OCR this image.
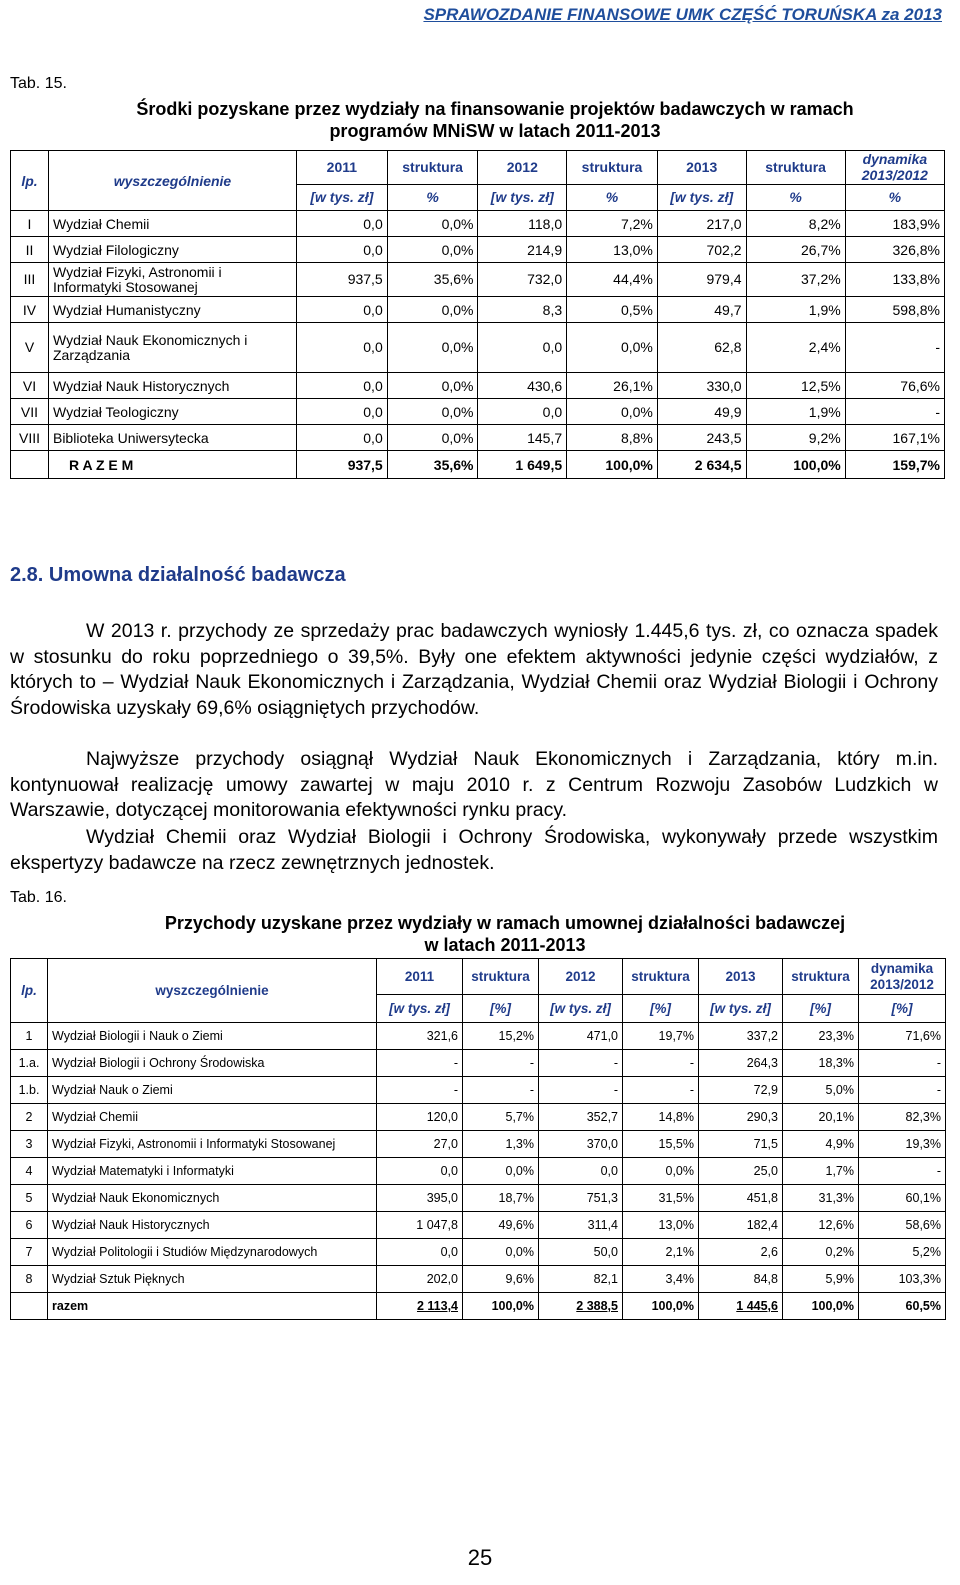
SPRAWOZDANIE FINANSOWE UMK CZĘŚĆ TORUŃSKA za 2013
Tab. 15.
Środki pozyskane przez wydziały na finansowanie projektów badawczych w ramach
programów MNiSW w latach 2011-2013
lp.	wyszczególnienie	2011	struktura	2012	struktura	2013	struktura	dynamika
2013/2012

		[w tys. zł]	%	[w tys. zł]	%	[w tys. zł]	%	%
I	Wydział Chemii	0,0	0,0%	118,0	7,2%	217,0	8,2%	183,9%
II	Wydział Filologiczny	0,0	0,0%	214,9	13,0%	702,2	26,7%	326,8%
III	Wydział Fizyki, Astronomii i Informatyki Stosowanej	937,5	35,6%	732,0	44,4%	979,4	37,2%	133,8%
IV	Wydział Humanistyczny	0,0	0,0%	8,3	0,5%	49,7	1,9%	598,8%
V	Wydział Nauk Ekonomicznych i Zarządzania	0,0	0,0%	0,0	0,0%	62,8	2,4%	-
VI	Wydział Nauk Historycznych	0,0	0,0%	430,6	26,1%	330,0	12,5%	76,6%
VII	Wydział Teologiczny	0,0	0,0%	0,0	0,0%	49,9	1,9%	-
VIII	Biblioteka Uniwersytecka	0,0	0,0%	145,7	8,8%	243,5	9,2%	167,1%
	R A Z E M	937,5	35,6%	1 649,5	100,0%	2 634,5	100,0%	159,7%
2.8. Umowna działalność badawcza
W 2013 r. przychody ze sprzedaży prac badawczych wyniosły 1.445,6 tys. zł, co oznacza spadek w stosunku do roku poprzedniego o 39,5%. Były one efektem aktywności jedynie części wydziałów, z których to – Wydział Nauk Ekonomicznych i Zarządzania, Wydział Chemii oraz Wydział Biologii i Ochrony Środowiska uzyskały 69,6% osiągniętych przychodów.
Najwyższe przychody osiągnął Wydział Nauk Ekonomicznych i Zarządzania, który m.in. kontynuował realizację umowy zawartej w maju 2010 r. z Centrum Rozwoju Zasobów Ludzkich w Warszawie, dotyczącej monitorowania efektywności rynku pracy.
Wydział Chemii oraz Wydział Biologii i Ochrony Środowiska, wykonywały przede wszystkim ekspertyzy badawcze na rzecz zewnętrznych jednostek.
Tab. 16.
Przychody uzyskane przez wydziały w ramach umownej działalności badawczej
w latach 2011-2013
lp.	wyszczególnienie	2011	struktura	2012	struktura	2013	struktura	dynamika
2013/2012

		[w tys. zł]	[%]	[w tys. zł]	[%]	[w tys. zł]	[%]	[%]
1	Wydział Biologii i Nauk o Ziemi	321,6	15,2%	471,0	19,7%	337,2	23,3%	71,6%
1.a.	Wydział Biologii i Ochrony Środowiska	-	-	-	-	264,3	18,3%	-
1.b.	Wydział Nauk o Ziemi	-	-	-	-	72,9	5,0%	-
2	Wydział Chemii	120,0	5,7%	352,7	14,8%	290,3	20,1%	82,3%
3	Wydział Fizyki, Astronomii i Informatyki Stosowanej	27,0	1,3%	370,0	15,5%	71,5	4,9%	19,3%
4	Wydział Matematyki i Informatyki	0,0	0,0%	0,0	0,0%	25,0	1,7%	-
5	Wydział Nauk Ekonomicznych	395,0	18,7%	751,3	31,5%	451,8	31,3%	60,1%
6	Wydział Nauk Historycznych	1 047,8	49,6%	311,4	13,0%	182,4	12,6%	58,6%
7	Wydział Politologii i Studiów Międzynarodowych	0,0	0,0%	50,0	2,1%	2,6	0,2%	5,2%
8	Wydział Sztuk Pięknych	202,0	9,6%	82,1	3,4%	84,8	5,9%	103,3%
	razem	2 113,4	100,0%	2 388,5	100,0%	1 445,6	100,0%	60,5%
25
